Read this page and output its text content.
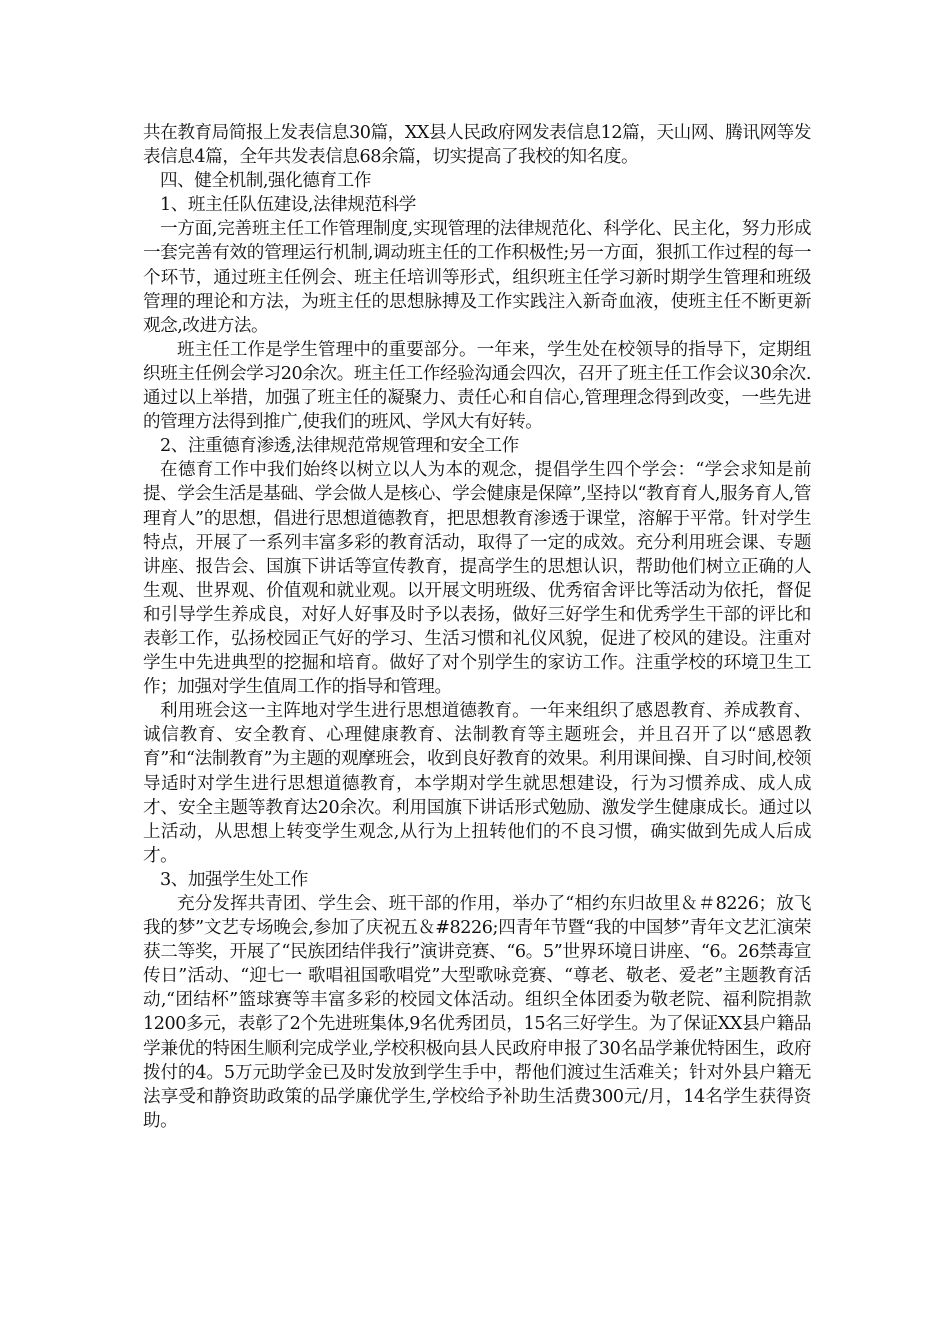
共在教育局简报上发表信息30篇，XX县人民政府网发表信息12篇，天山网、腾讯网等发表信息4篇，全年共发表信息68余篇，切实提高了我校的知名度。

四、健全机制,强化德育工作

1、班主任队伍建设,法律规范科学

一方面,完善班主任工作管理制度,实现管理的法律规范化、科学化、民主化，努力形成一套完善有效的管理运行机制,调动班主任的工作积极性;另一方面，狠抓工作过程的每一个环节，通过班主任例会、班主任培训等形式，组织班主任学习新时期学生管理和班级管理的理论和方法，为班主任的思想脉搏及工作实践注入新奇血液，使班主任不断更新观念,改进方法。

班主任工作是学生管理中的重要部分。一年来，学生处在校领导的指导下，定期组织班主任例会学习20余次。班主任工作经验沟通会四次，召开了班主任工作会议30余次.通过以上举措，加强了班主任的凝聚力、责任心和自信心,管理理念得到改变，一些先进的管理方法得到推广,使我们的班风、学风大有好转。

2、注重德育渗透,法律规范常规管理和安全工作

在德育工作中我们始终以树立以人为本的观念，提倡学生四个学会：“学会求知是前提、学会生活是基础、学会做人是核心、学会健康是保障”,坚持以“教育育人,服务育人,管理育人”的思想，倡进行思想道德教育，把思想教育渗透于课堂，溶解于平常。针对学生特点，开展了一系列丰富多彩的教育活动，取得了一定的成效。充分利用班会课、专题讲座、报告会、国旗下讲话等宣传教育，提高学生的思想认识，帮助他们树立正确的人生观、世界观、价值观和就业观。以开展文明班级、优秀宿舍评比等活动为依托，督促和引导学生养成良，对好人好事及时予以表扬，做好三好学生和优秀学生干部的评比和表彰工作，弘扬校园正气好的学习、生活习惯和礼仪风貌，促进了校风的建设。注重对学生中先进典型的挖掘和培育。做好了对个别学生的家访工作。注重学校的环境卫生工作；加强对学生值周工作的指导和管理。

利用班会这一主阵地对学生进行思想道德教育。一年来组织了感恩教育、养成教育、诚信教育、安全教育、心理健康教育、法制教育等主题班会，并且召开了以“感恩教育”和“法制教育”为主题的观摩班会，收到良好教育的效果。利用课间操、自习时间,校领导适时对学生进行思想道德教育，本学期对学生就思想建设，行为习惯养成、成人成才、安全主题等教育达20余次。利用国旗下讲话形式勉励、激发学生健康成长。通过以上活动，从思想上转变学生观念,从行为上扭转他们的不良习惯，确实做到先成人后成才。

3、加强学生处工作

充分发挥共青团、学生会、班干部的作用，举办了“相约东归故里＆＃8226；放飞我的梦”文艺专场晚会,参加了庆祝五＆#8226;四青年节暨“我的中国梦”青年文艺汇演荣获二等奖，开展了“民族团结伴我行”演讲竞赛、“6。5”世界环境日讲座、“6。26禁毒宣传日”活动、“迎七一 歌唱祖国歌唱党”大型歌咏竞赛、“尊老、敬老、爱老”主题教育活动,“团结杯”篮球赛等丰富多彩的校园文体活动。组织全体团委为敬老院、福利院捐款1200多元，表彰了2个先进班集体,9名优秀团员，15名三好学生。为了保证XX县户籍品学兼优的特困生顺利完成学业,学校积极向县人民政府申报了30名品学兼优特困生，政府拨付的4。5万元助学金已及时发放到学生手中，帮他们渡过生活难关；针对外县户籍无法享受和静资助政策的品学廉优学生,学校给予补助生活费300元/月，14名学生获得资助。
